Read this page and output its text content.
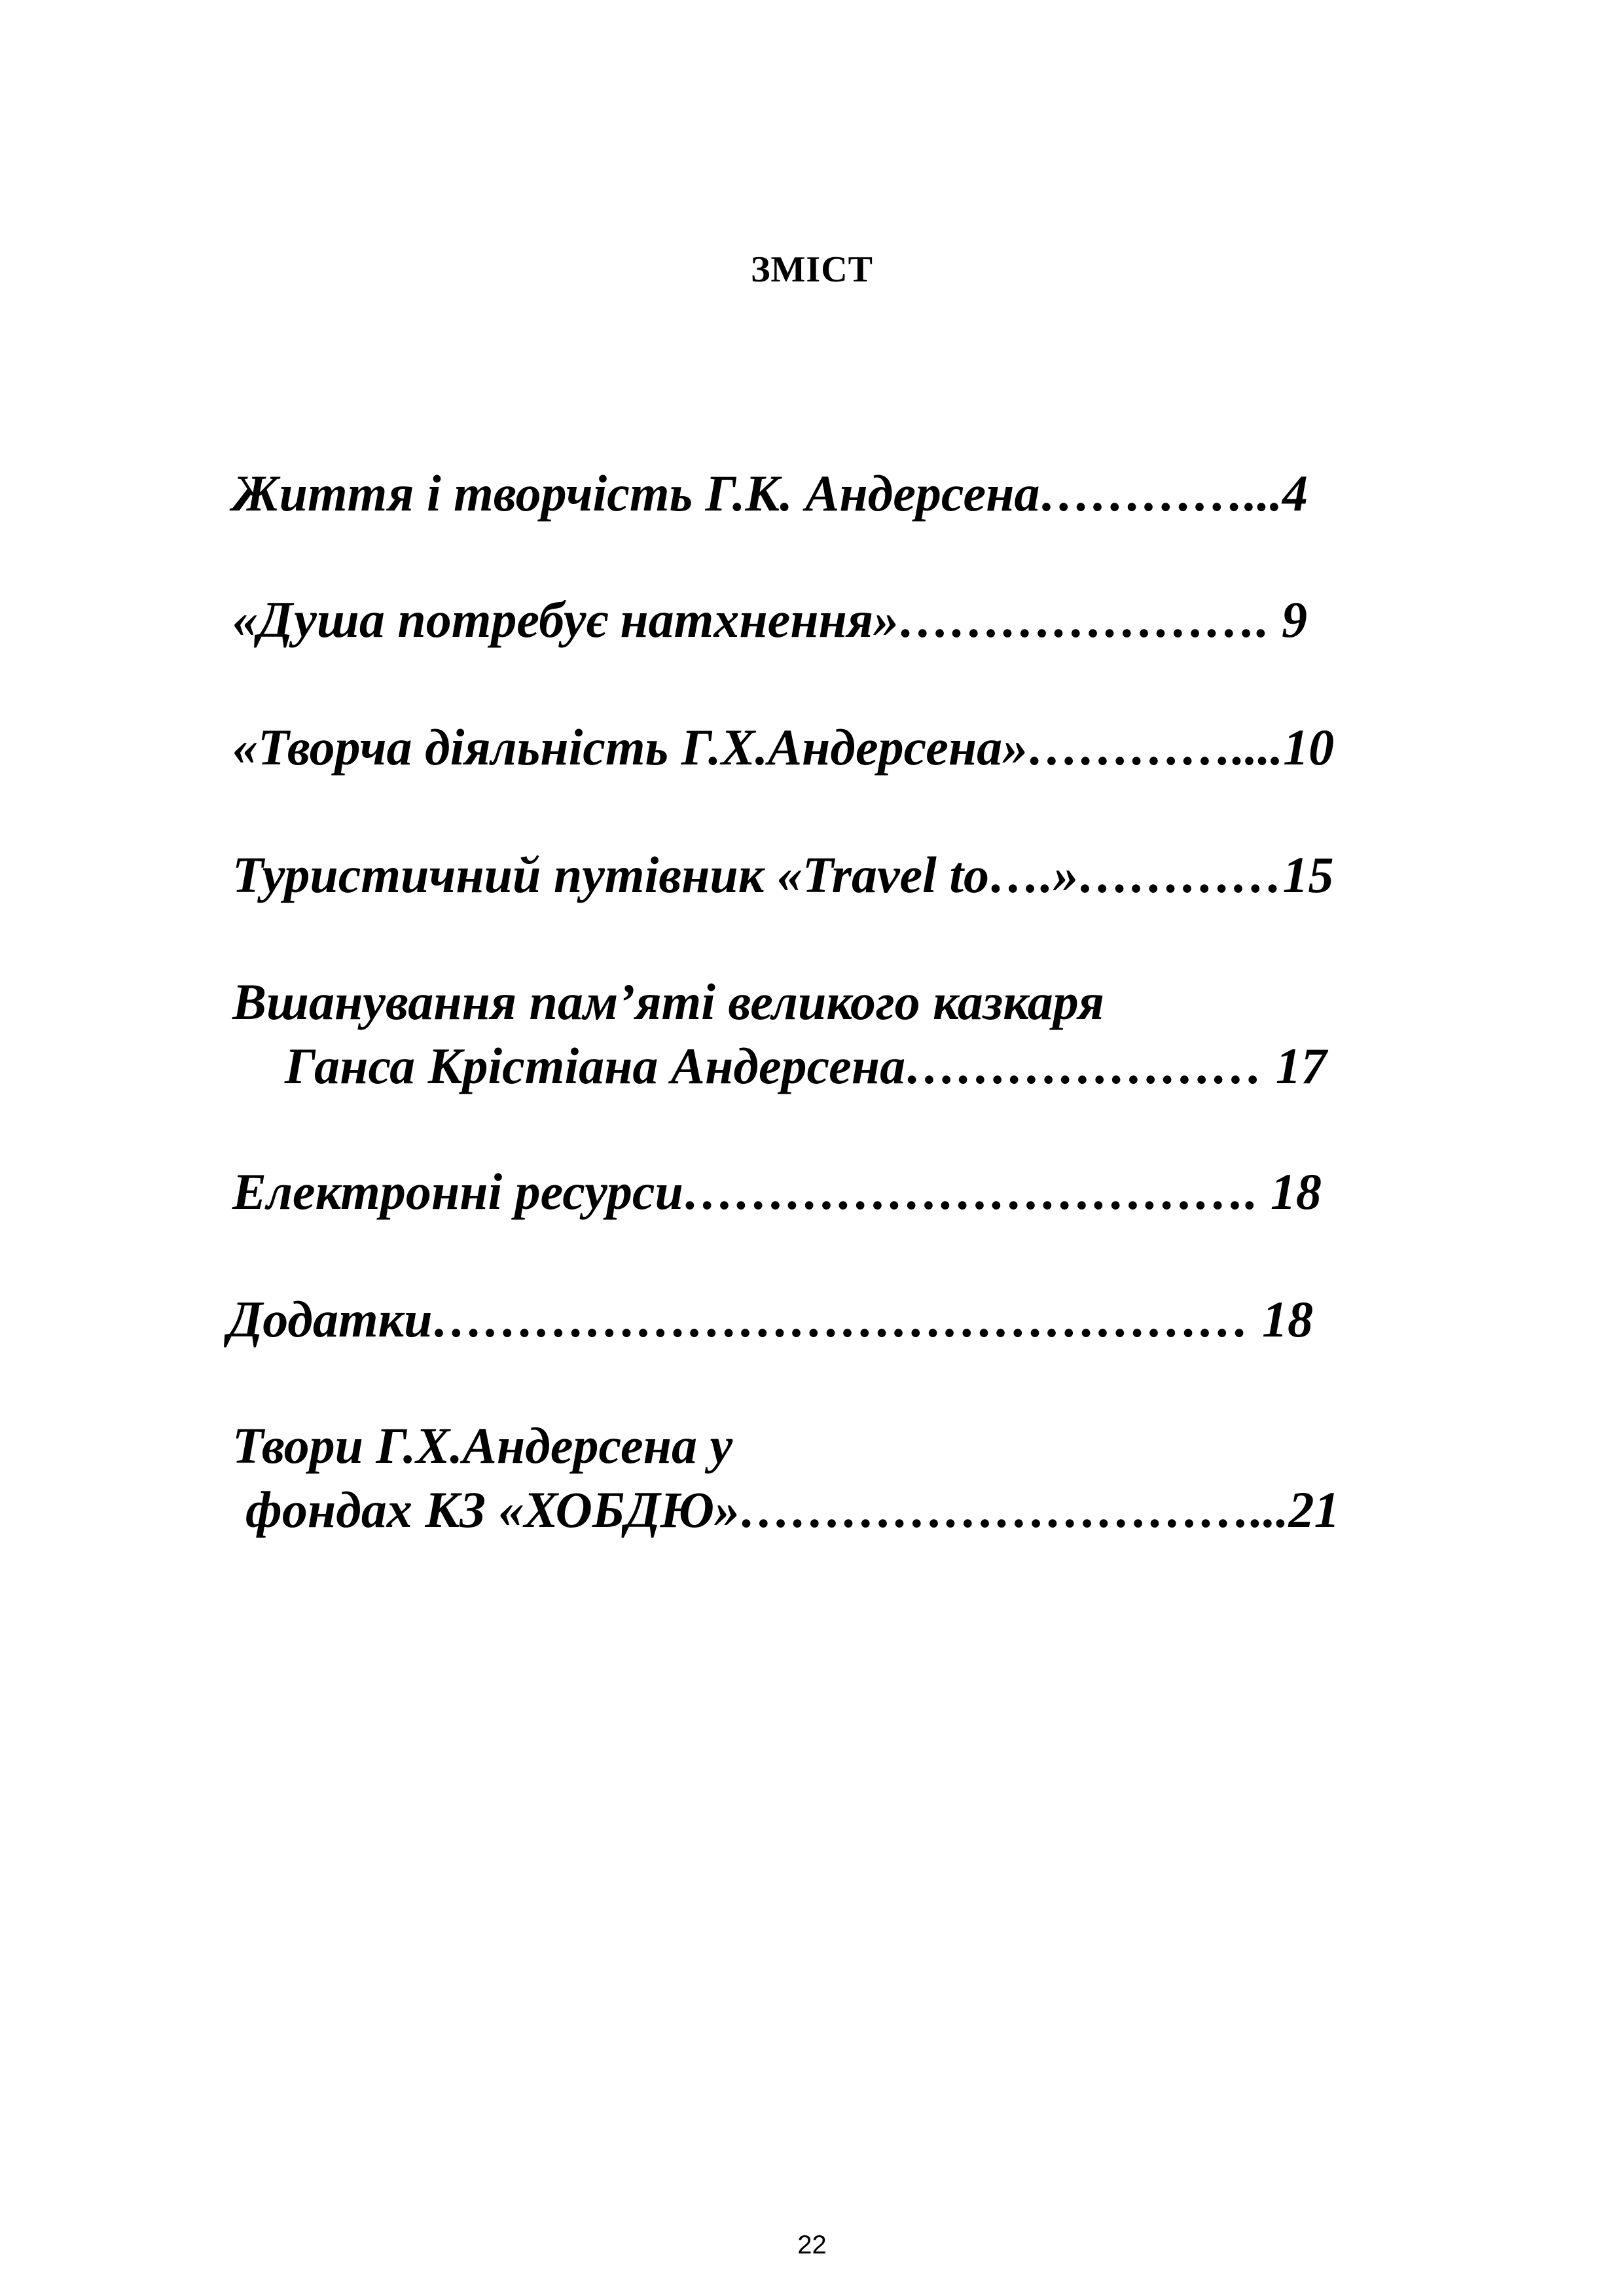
ЗМІСТ
Життя і творчість Г.К. Андерсена…………...4
«Душа потребує натхнення»…………………. 9
«Творча діяльність Г.Х.Андерсена»…………....10
Туристичний путівник «Travel to….»…………15
Вшанування пам’яті великого казкаря
Ганса Крістіана Андерсена………………… 17
Електронні ресурси……………………………. 18
Додатки………………………………………… 18
Твори Г.Х.Андерсена у
фондах КЗ «ХОБДЮ»…………………………...21
22
